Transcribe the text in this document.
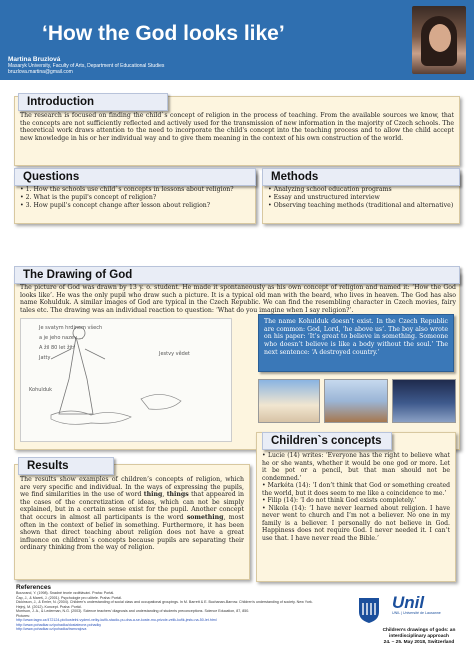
‘How the God looks like’
Martina Bruzlová
Masaryk University, Faculty of Arts, Department of Educational Studies
bruzlova.martina@gmail.com
Introduction
The research is focused on finding the child`s concept of religion in the process of teaching. From the available sources we know, that the concepts are not sufficiently reflected and actively used for the transmission of new information in the majority of Czech schools. The theoretical work draws attention to the need to incorporate the child's concept into the teaching process and to allow the child accept new knowledge in his or her individual way and to give them meaning in the context of his own construction of the world.
Questions
• 1. How the schools use child`s concepts in lessons about religion?
• 2. What is the pupil's concept of religion?
• 3. How pupil's concept change after lesson about religion?
Methods
• Analyzing school education programs
• Essay and unstructured interview
• Observing teaching methods (traditional and alternative)
The Drawing of God
The picture of God was drawn by 13 y. o. student. He made it spontaneously as his own concept of religion and named it: ‘How the God looks like’. He was the only pupil who draw such a picture. It is a typical old man with the beard, who lives in heaven. The God has also name Kohulduk. A similar images of God are typical in the Czech Republic. We can find the resembling character in Czech movies, fairy tales etc. The drawing was an individual reaction to question: ‘What do you imagine when I say religion?’.
Je svatym hrdinem všech
a je jeho nazev ...
A žil 80 let žitř
Jatty
Kohulduk
Jestvy vědet
The name Kohulduk doesn’t exist. In the Czech Republic are common: God, Lord, ‘he above us’. The boy also wrote on his paper: ‘It’s great to believe in something. Someone who doesn’t believe is like a body without the soul.’ The next sentence: ‘A destroyed country.’
Results
The results show examples of children’s concepts of religion, which are very specific and individual. In the ways of expressing the pupils, we find similarities in the use of word thing, things that appeared in the cases of the concretization of ideas, which can not be simply explained, but in a certain sense exist for the pupil. Another concept that occurs in almost all participants is the word something, most often in the context of belief in something. Furthermore, it has been shown that direct teaching about religion does not have a great influence on children`s concepts because pupils are separating their ordinary thinking from the way of religion.
Children`s concepts
• Lucie (14) writes: ‘Everyone has the right to believe what he or she wants, whether it would be one god or more. Let it be pot or a pencil, but that man should not be condemned.’
• Markéta (14): ‘I don’t think that God or something created the world, but it does seem to me like a coincidence to me.’
• Filip (14): ‘I do not think God exists completely.’
• Nikola (14): ‘I have never learned about religion. I have never went to church and I’m not a believer. No one in my family is a believer. I personally do not believe in God. Happiness does not require God. I never needed it. I can’t use that. I have never read the Bible.’
References
Bouvrand, Y. (1998). Snadné teorie vzdělávání. Praha: Portál.
Čap, J., & Mareš, J. (2001). Psychologie pro učitele. Praha: Portál.
Dickinson, J., & Emler, N. (2004). Children’s understanding of social class and occupational groupings. In M. Barrett & E. Buchanan-Barrow. Children’s understanding of society. New York.
Hejný, M. (2012). Koncept. Praha: Portál.
Morrison, J. A., & Lederman, N.G. (2003). Science teachers’ diagnosis and understanding of students preconceptions. Science Education, 87, 850.
Pictures:
http://www.tagro.cz/472124-pic/kostelni-vydeni-velky-kufik-stacilo-pu-dna-a-se-koste-mo-prizole-velik-kufik-jestu-na-50-let.html
http://www.pohadkar.cz/pohadka/dostatecne-pohadky
http://www.pohadkar.cz/pohadka/tramvajova
Unil
UNIL | Université de Lausanne
Children’s drawings of gods: an
interdisciplinary approach
24. – 25. May 2018, Switzerland
